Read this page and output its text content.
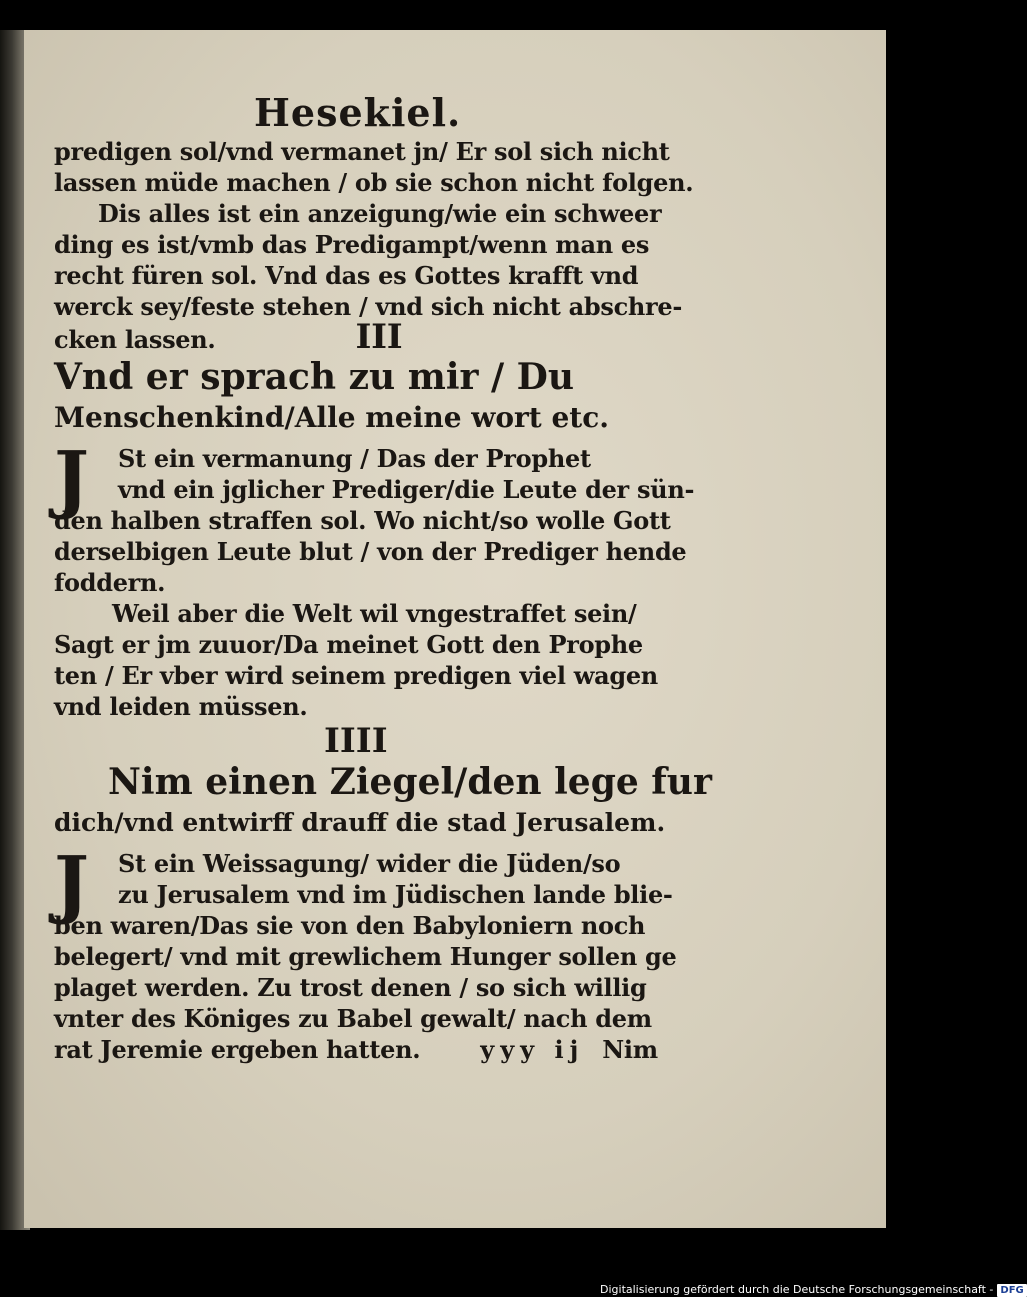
Hesekiel.
predigen sol/vnd vermanet jn/ Er sol sich nicht
lassen müde machen / ob sie schon nicht folgen.
Dis alles ist ein anzeigung/wie ein schweer
ding es ist/vmb das Predigampt/wenn man es
recht füren sol. Vnd das es Gottes krafft vnd
werck sey/feste stehen / vnd sich nicht abschre-
cken lassen.	III
Vnd er sprach zu mir / Du
Menschenkind/Alle meine wort etc.
J	St ein vermanung / Das der Prophet
vnd ein jglicher Prediger/die Leute der sün-
den halben straffen sol. Wo nicht/so wolle Gott
derselbigen Leute blut / von der Prediger hende
foddern.
Weil aber die Welt wil vngestraffet sein/
Sagt er jm zuuor/Da meinet Gott den Prophe
ten / Er vber wird seinem predigen viel wagen
vnd leiden müssen.
IIII
Nim einen Ziegel/den lege fur
dich/vnd entwirff drauff die stad Jerusalem.
J	St ein Weissagung/ wider die Jüden/so
zu Jerusalem vnd im Jüdischen lande blie-
ben waren/Das sie von den Babyloniern noch
belegert/ vnd mit grewlichem Hunger sollen ge
plaget werden. Zu trost denen / so sich willig
vnter des Königes zu Babel gewalt/ nach dem
rat Jeremie ergeben hatten.	yyy ij Nim
Digitalisierung gefördert durch die Deutsche Forschungsgemeinschaft - DFG
